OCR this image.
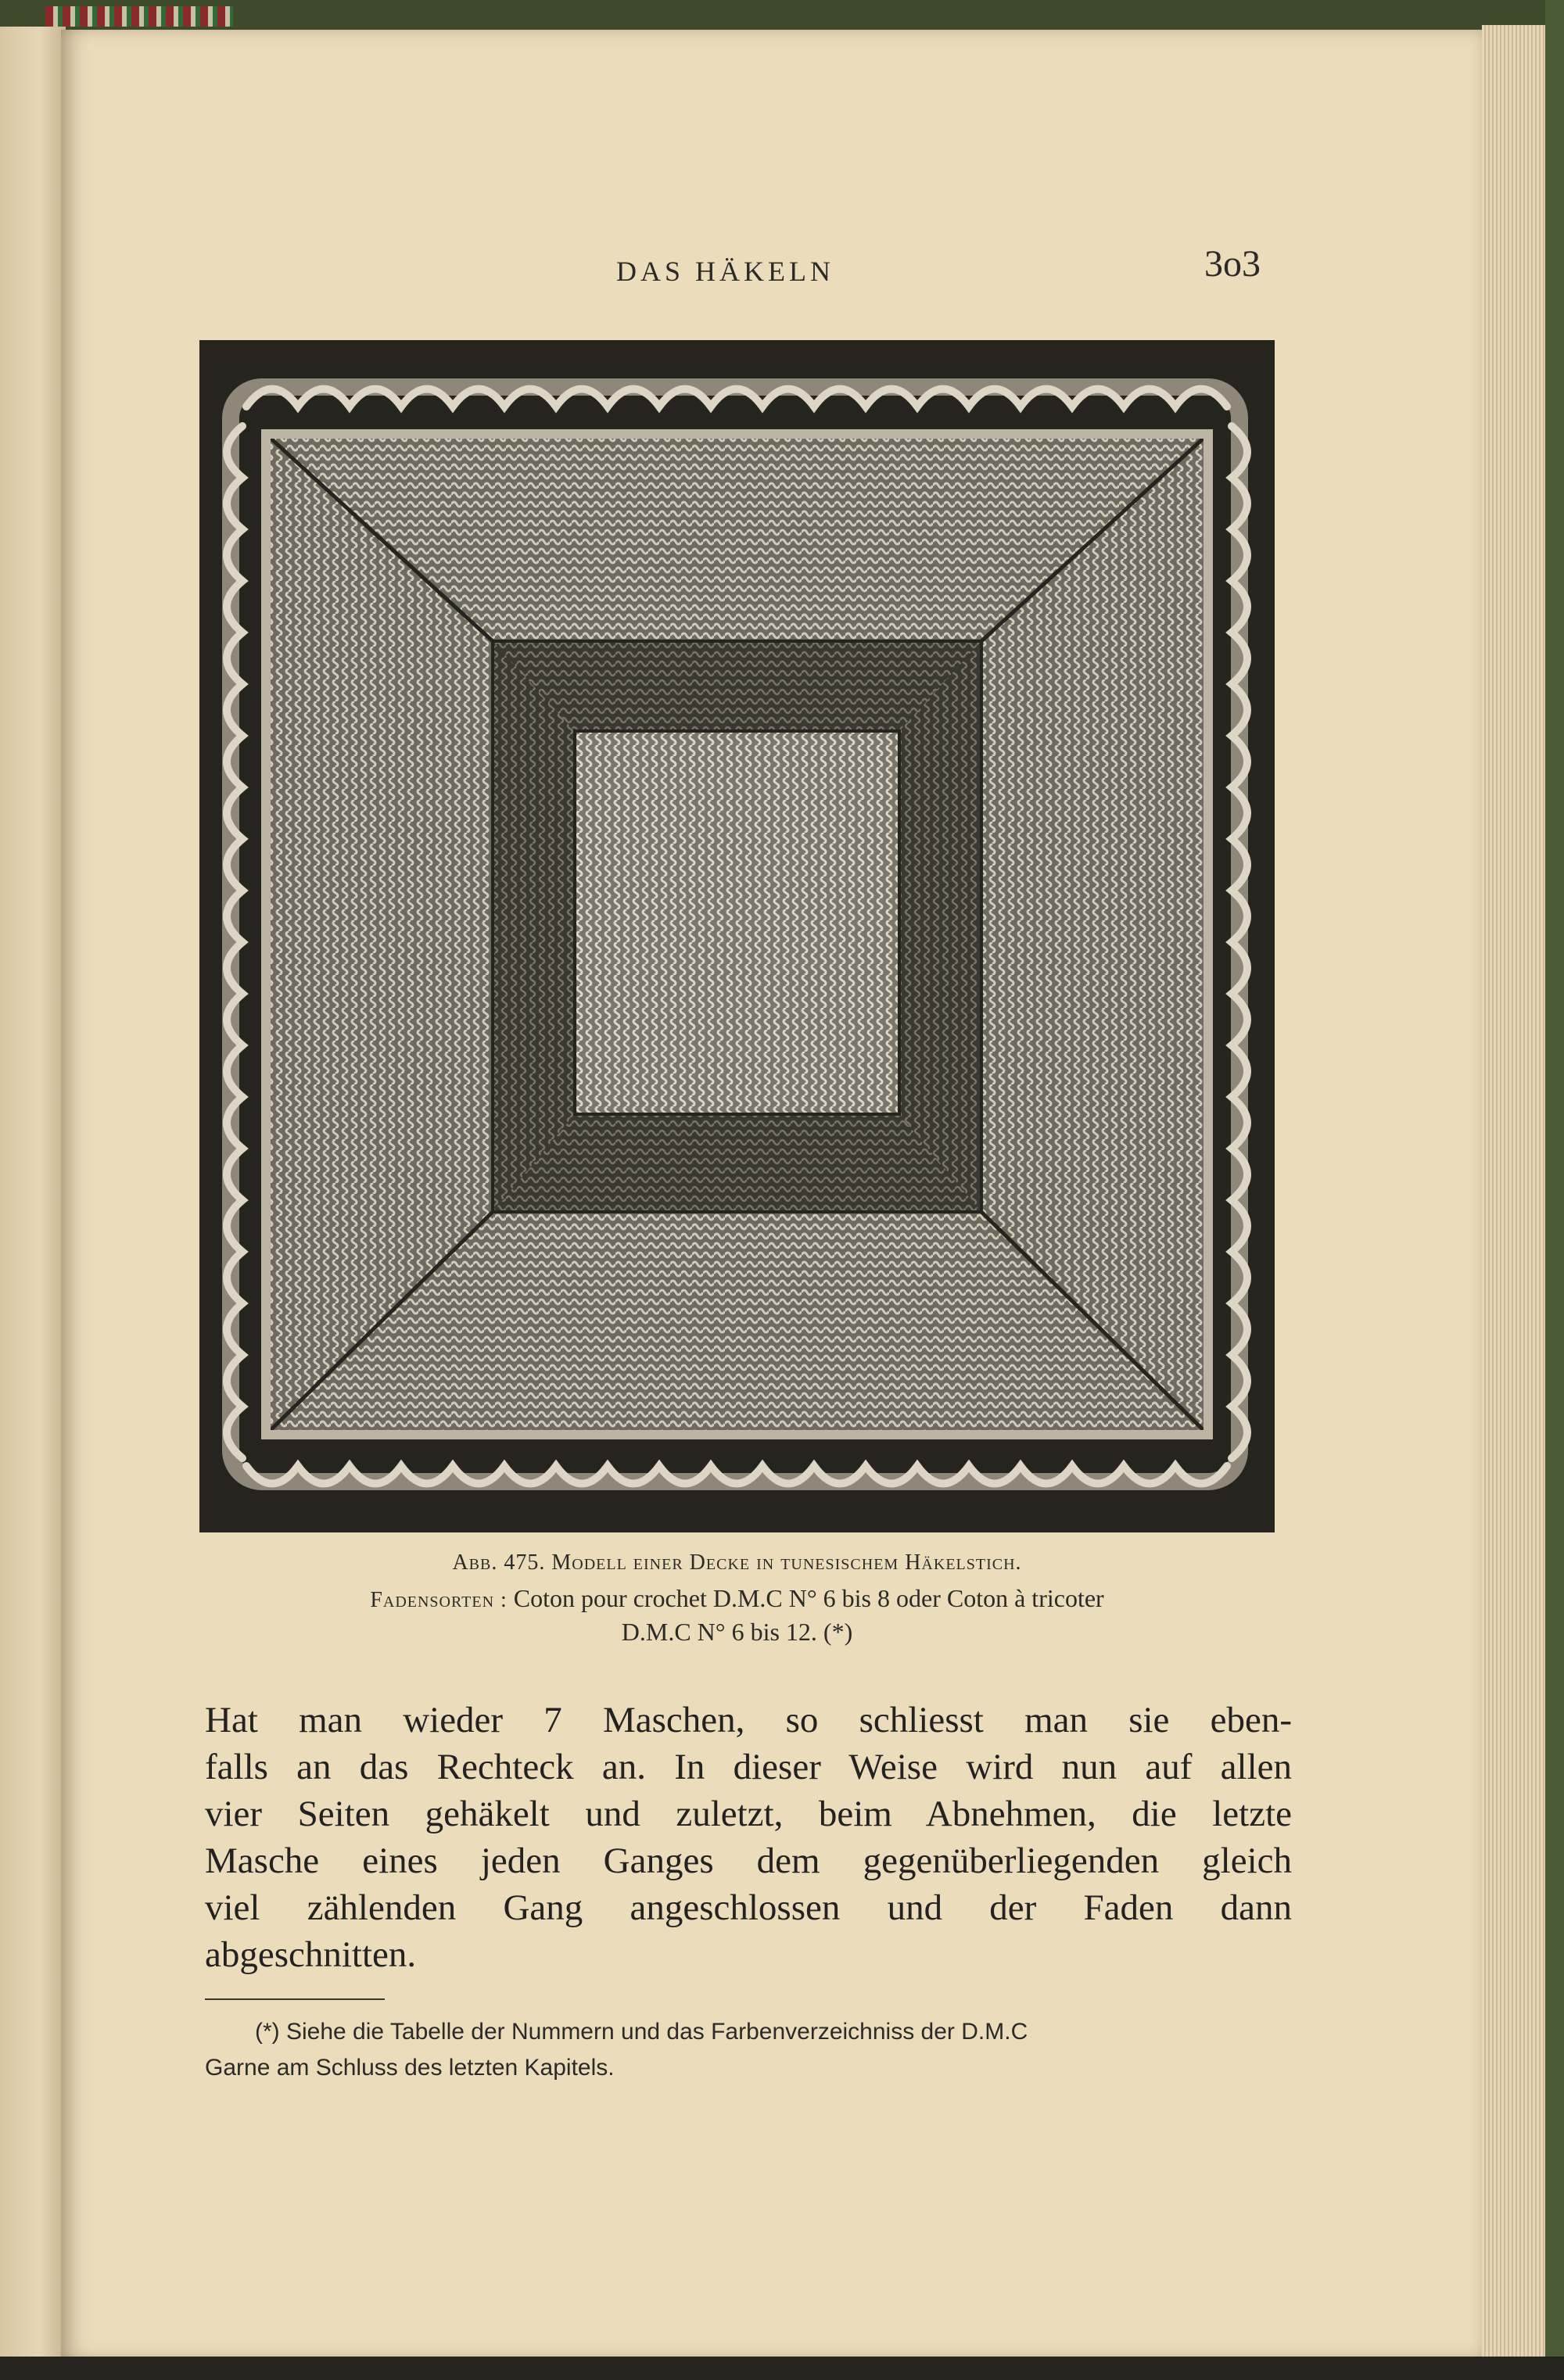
DAS HÄKELN	3o3
Abb. 475. Modell einer Decke in tunesischem Häkelstich.
Fadensorten : Coton pour crochet D.M.C N° 6 bis 8 oder Coton à tricoter
D.M.C N° 6 bis 12. (*)
Hat man wieder 7 Maschen, so schliesst man sie eben-
falls an das Rechteck an. In dieser Weise wird nun auf allen
vier Seiten gehäkelt und zuletzt, beim Abnehmen, die letzte
Masche eines jeden Ganges dem gegenüberliegenden gleich
viel zählenden Gang angeschlossen und der Faden dann
abgeschnitten.
(*) Siehe die Tabelle der Nummern und das Farbenverzeichniss der D.M.C
Garne am Schluss des letzten Kapitels.
